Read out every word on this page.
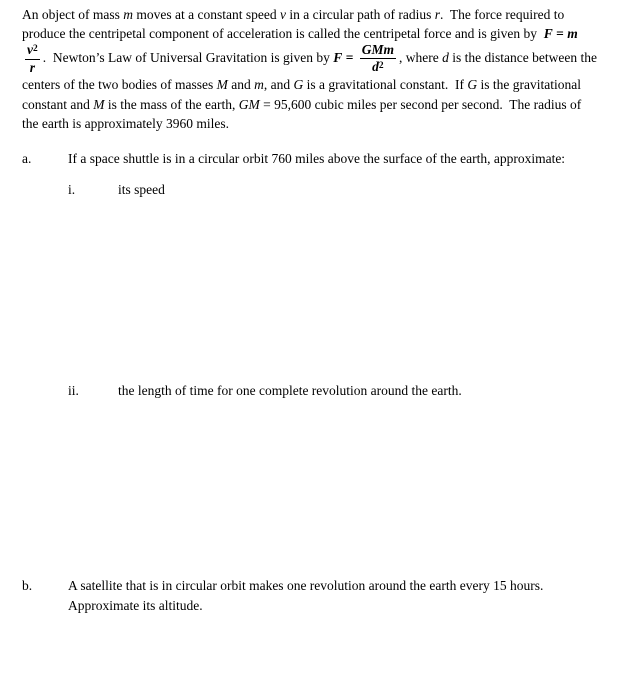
An object of mass m moves at a constant speed v in a circular path of radius r.  The force required to produce the centripetal component of acceleration is called the centripetal force and is given by  F = m
$\frac{v^2}{r}$ .  Newton’s Law of Universal Gravitation is given by $F = \frac{\text{GMm}}{d^2}$ , where d is the distance between the centers of the two bodies of masses M and m, and G is a gravitational constant.  If G is the gravitational constant and M is the mass of the earth, GM = 95,600 cubic miles per second per second.  The radius of the earth is approximately 3960 miles.

a.	If a space shuttle is in a circular orbit 760 miles above the surface of the earth, approximate:
i.	its speed
ii.	the length of time for one complete revolution around the earth.
b.	A satellite that is in circular orbit makes one revolution around the earth every 15 hours.  Approximate its altitude.
